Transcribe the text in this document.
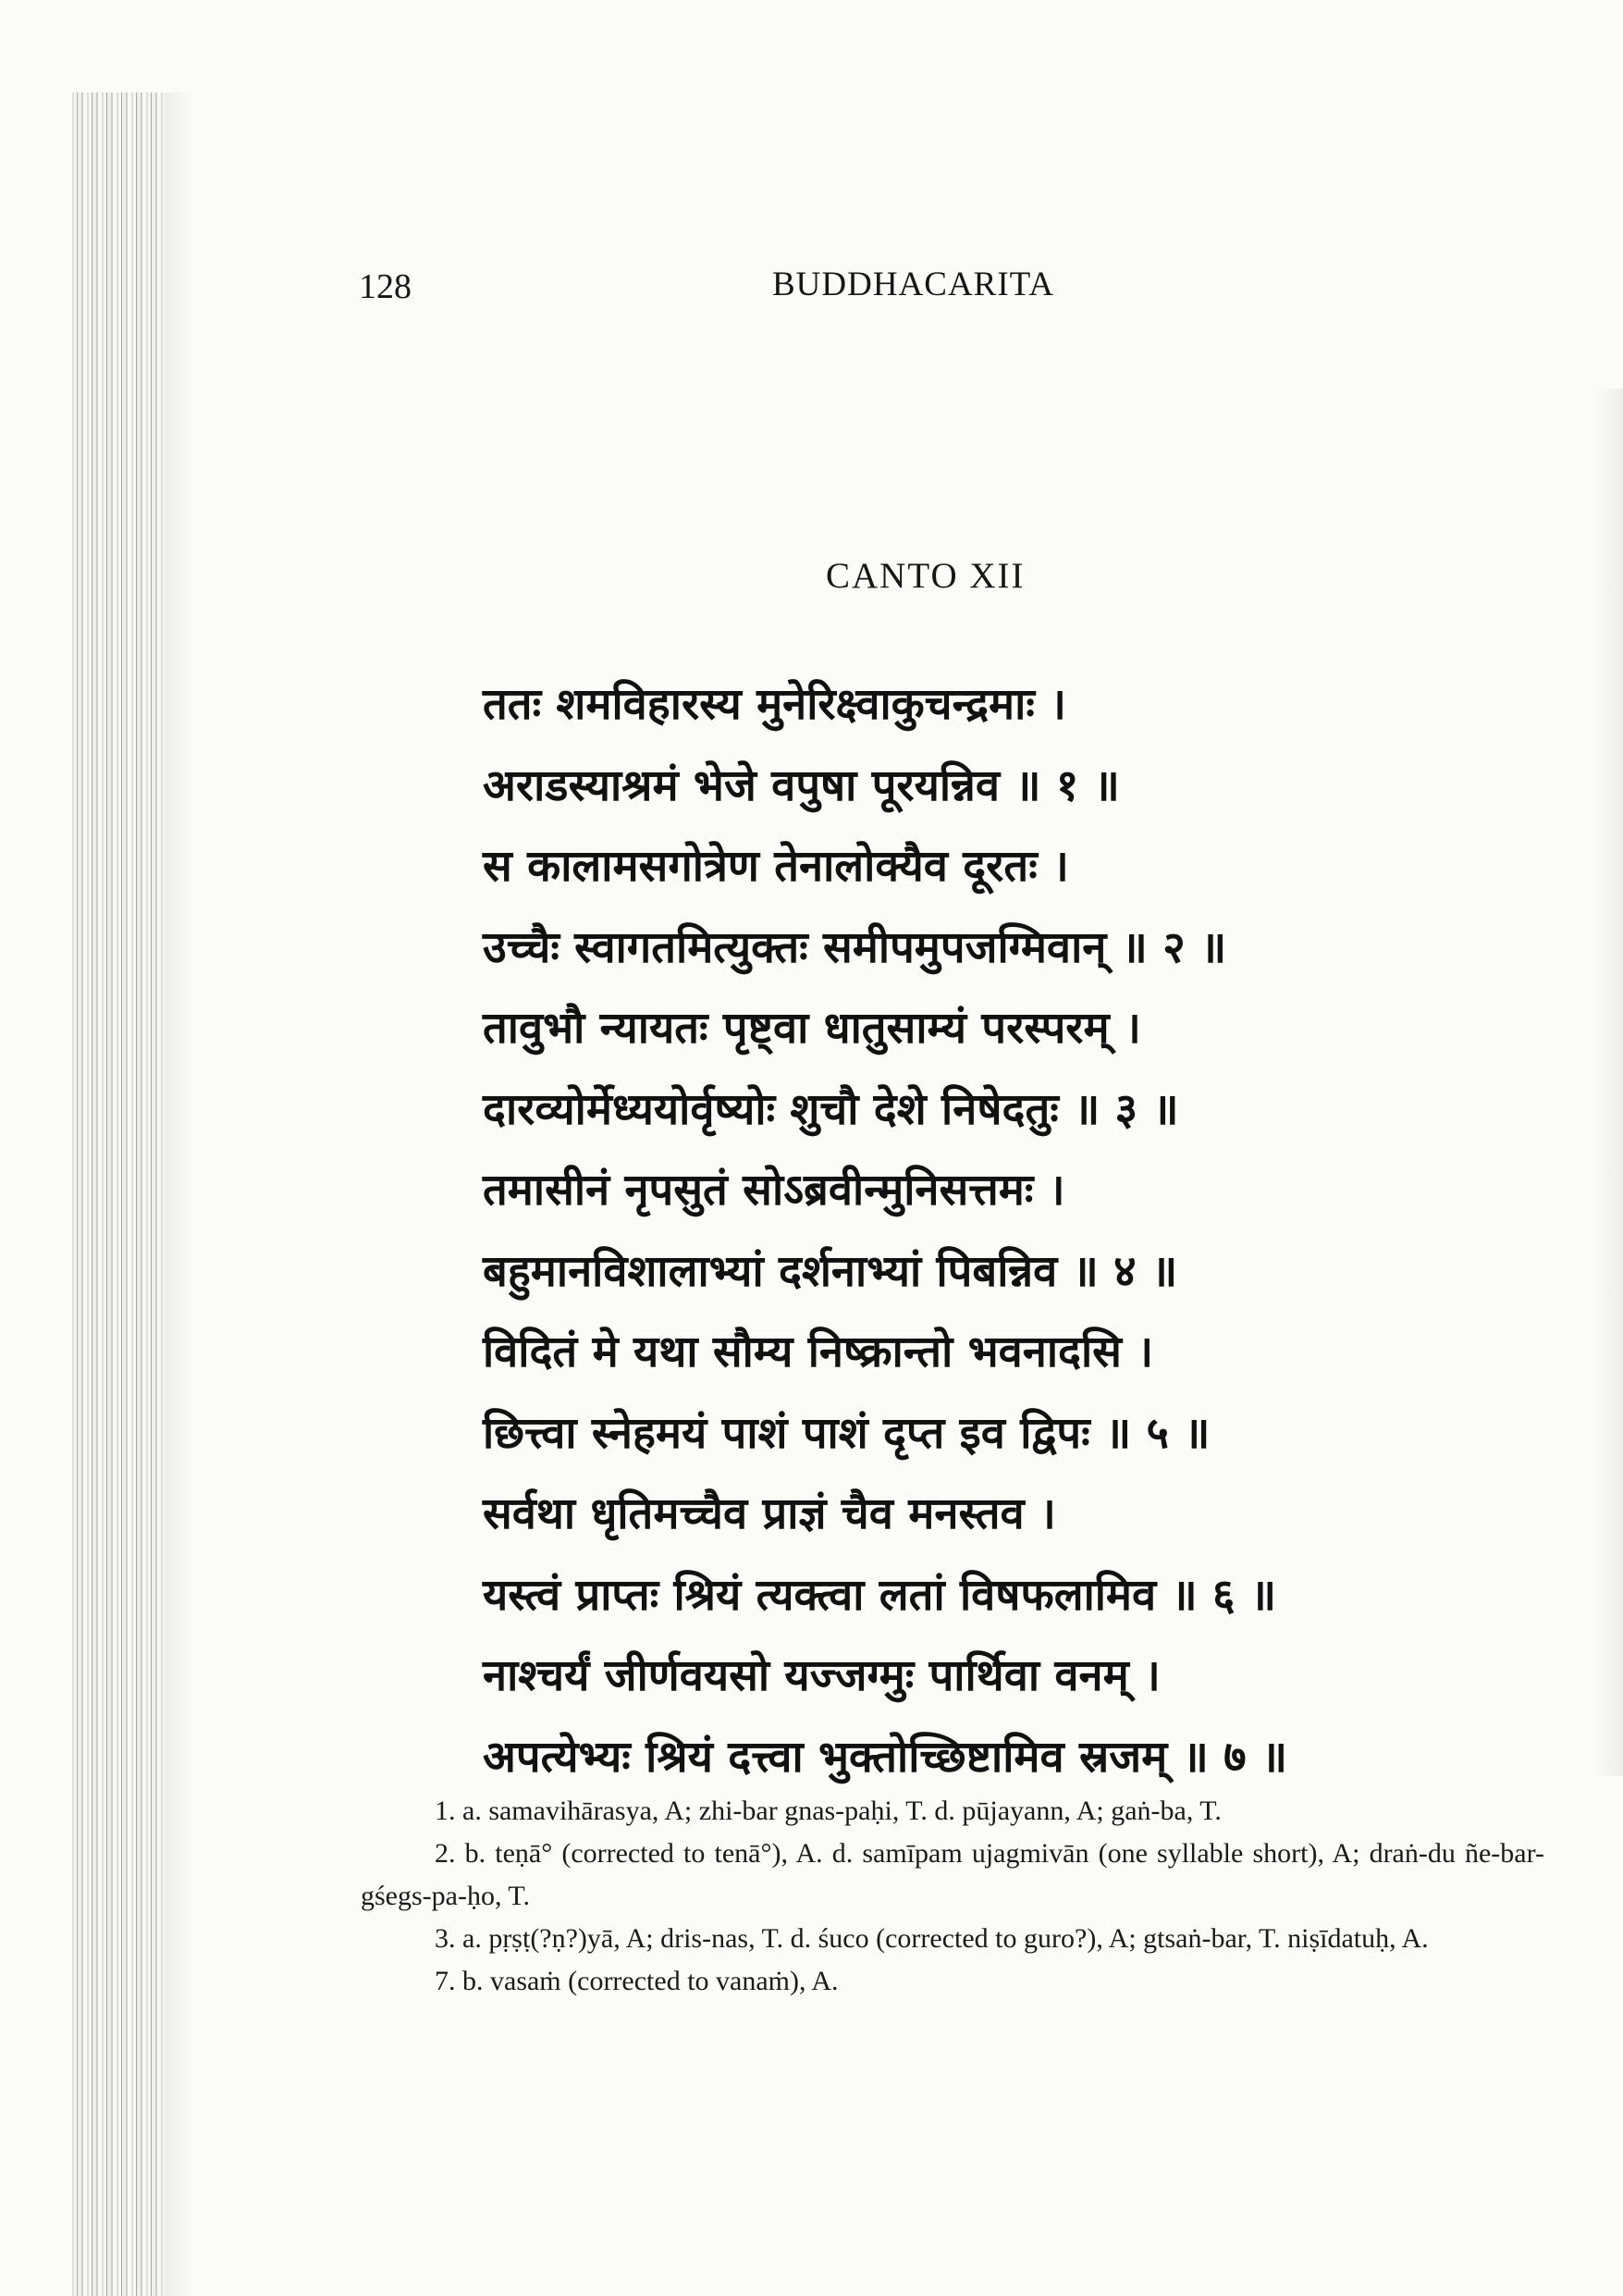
128	BUDDHACARITA
CANTO XII
ततः शमविहारस्य मुनेरिक्ष्वाकुचन्द्रमाः ।
अराडस्याश्रमं भेजे वपुषा पूरयन्निव ॥ १ ॥
स कालामसगोत्रेण तेनालोक्यैव दूरतः ।
उच्चैः स्वागतमित्युक्तः समीपमुपजग्मिवान् ॥ २ ॥
तावुभौ न्यायतः पृष्ट्वा धातुसाम्यं परस्परम् ।
दारव्योर्मेध्ययोर्वृष्योः शुचौ देशे निषेदतुः ॥ ३ ॥
तमासीनं नृपसुतं सोऽब्रवीन्मुनिसत्तमः ।
बहुमानविशालाभ्यां दर्शनाभ्यां पिबन्निव ॥ ४ ॥
विदितं मे यथा सौम्य निष्क्रान्तो भवनादसि ।
छित्त्वा स्नेहमयं पाशं पाशं दृप्त इव द्विपः ॥ ५ ॥
सर्वथा धृतिमच्चैव प्राज्ञं चैव मनस्तव ।
यस्त्वं प्राप्तः श्रियं त्यक्त्वा लतां विषफलामिव ॥ ६ ॥
नाश्चर्यं जीर्णवयसो यज्जग्मुः पार्थिवा वनम् ।
अपत्येभ्यः श्रियं दत्त्वा भुक्तोच्छिष्टामिव स्रजम् ॥ ७ ॥
1. a. samavihārasya, A; zhi-bar gnas-paḥi, T. d. pūjayann, A; gaṅ-ba, T.
2. b. teṇā° (corrected to tenā°), A. d. samīpam ujagmivān (one syllable short), A; draṅ-du ñe-bar-gśegs-pa-ḥo, T.
3. a. pṛṣṭ(?ṇ?)yā, A; dris-nas, T. d. śuco (corrected to guro?), A; gtsaṅ-bar, T. niṣīdatuḥ, A.
7. b. vasaṁ (corrected to vanaṁ), A.
